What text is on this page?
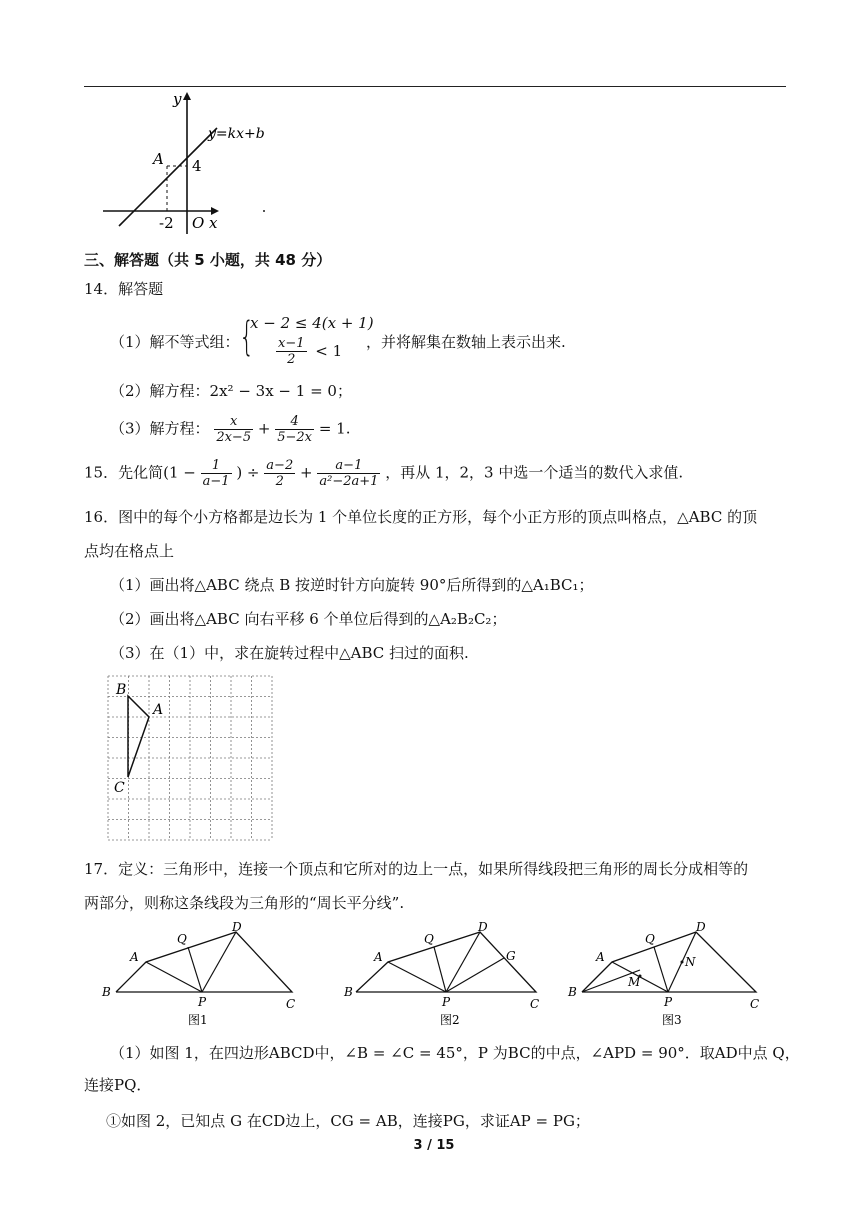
y
y=kx+b
A 4
-2 O x
三、解答题（共 5 小题，共 48 分）
14．解答题
（1）解不等式组： {
x − 2 ≤ 4(x + 1)
$\frac{x-1}{2} < 1$ ，并将解集在数轴上表示出来.
（2）解方程：2x² − 3x − 1 = 0；
（3）解方程： $\frac{x}{2x-5} + \frac{4}{5-2x} = 1$.
15．先化简($1 - \frac{1}{a-1}$ ) ÷ $\frac{a-2}{2} + \frac{a-1}{\text{a²−2a+1}}$ ，再从 1，2，3 中选一个适当的数代入求值.
16．图中的每个小方格都是边长为 1 个单位长度的正方形，每个小正方形的顶点叫格点，△ABC 的顶
点均在格点上
（1）画出将△ABC 绕点 B 按逆时针方向旋转 90°后所得到的△A₁BC₁；
（2）画出将△ABC 向右平移 6 个单位后得到的△A₂B₂C₂；
（3）在（1）中，求在旋转过程中△ABC 扫过的面积.
B
A
C
17．定义：三角形中，连接一个顶点和它所对的边上一点，如果所得线段把三角形的周长分成相等的
两部分，则称这条线段为三角形的“周长平分线”.
A
B
Q
D
P	C
图1
A
B
Q
D
G
P	C
图2
A
B
Q
D
M
N
P	C
图3
（1）如图 1，在四边形ABCD中，∠B = ∠C = 45°，P 为BC的中点，∠APD = 90°．取AD中点 Q，
连接PQ．
①如图 2，已知点 G 在CD边上，CG = AB，连接PG，求证AP = PG；
3 / 15
